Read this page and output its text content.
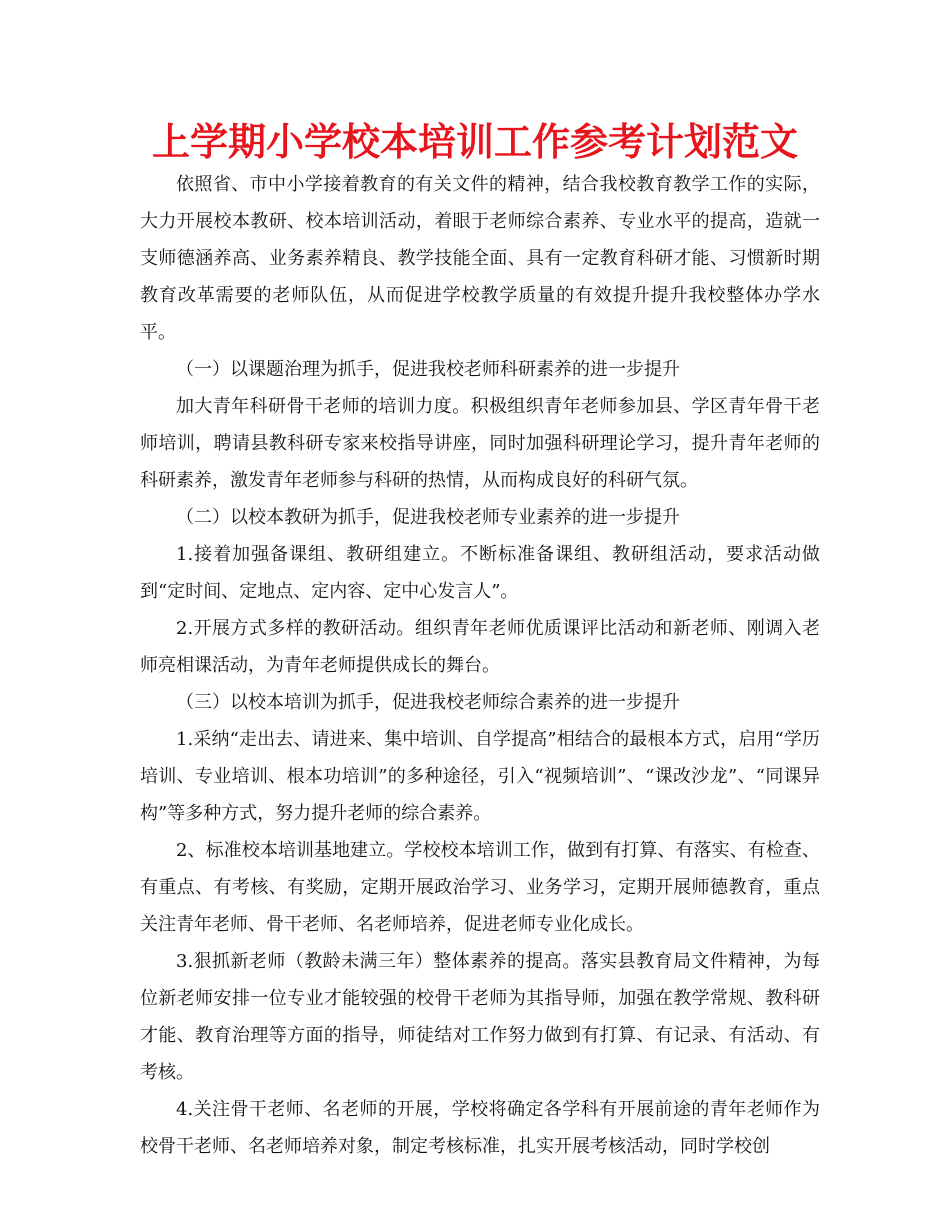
上学期小学校本培训工作参考计划范文

依照省、市中小学接着教育的有关文件的精神，结合我校教育教学工作的实际，大力开展校本教研、校本培训活动，着眼于老师综合素养、专业水平的提高，造就一支师德涵养高、业务素养精良、教学技能全面、具有一定教育科研才能、习惯新时期教育改革需要的老师队伍，从而促进学校教学质量的有效提升提升我校整体办学水平。

（一）以课题治理为抓手，促进我校老师科研素养的进一步提升

加大青年科研骨干老师的培训力度。积极组织青年老师参加县、学区青年骨干老师培训，聘请县教科研专家来校指导讲座，同时加强科研理论学习，提升青年老师的科研素养，激发青年老师参与科研的热情，从而构成良好的科研气氛。

（二）以校本教研为抓手，促进我校老师专业素养的进一步提升

1.接着加强备课组、教研组建立。不断标准备课组、教研组活动，要求活动做到“定时间、定地点、定内容、定中心发言人”。

2.开展方式多样的教研活动。组织青年老师优质课评比活动和新老师、刚调入老师亮相课活动，为青年老师提供成长的舞台。

（三）以校本培训为抓手，促进我校老师综合素养的进一步提升

1.采纳“走出去、请进来、集中培训、自学提高”相结合的最根本方式，启用“学历培训、专业培训、根本功培训”的多种途径，引入“视频培训”、“课改沙龙”、“同课异构”等多种方式，努力提升老师的综合素养。

2、标准校本培训基地建立。学校校本培训工作，做到有打算、有落实、有检查、有重点、有考核、有奖励，定期开展政治学习、业务学习，定期开展师德教育，重点关注青年老师、骨干老师、名老师培养，促进老师专业化成长。

3.狠抓新老师（教龄未满三年）整体素养的提高。落实县教育局文件精神，为每位新老师安排一位专业才能较强的校骨干老师为其指导师，加强在教学常规、教科研才能、教育治理等方面的指导，师徒结对工作努力做到有打算、有记录、有活动、有考核。

4.关注骨干老师、名老师的开展，学校将确定各学科有开展前途的青年老师作为校骨干老师、名老师培养对象，制定考核标准，扎实开展考核活动，同时学校创
